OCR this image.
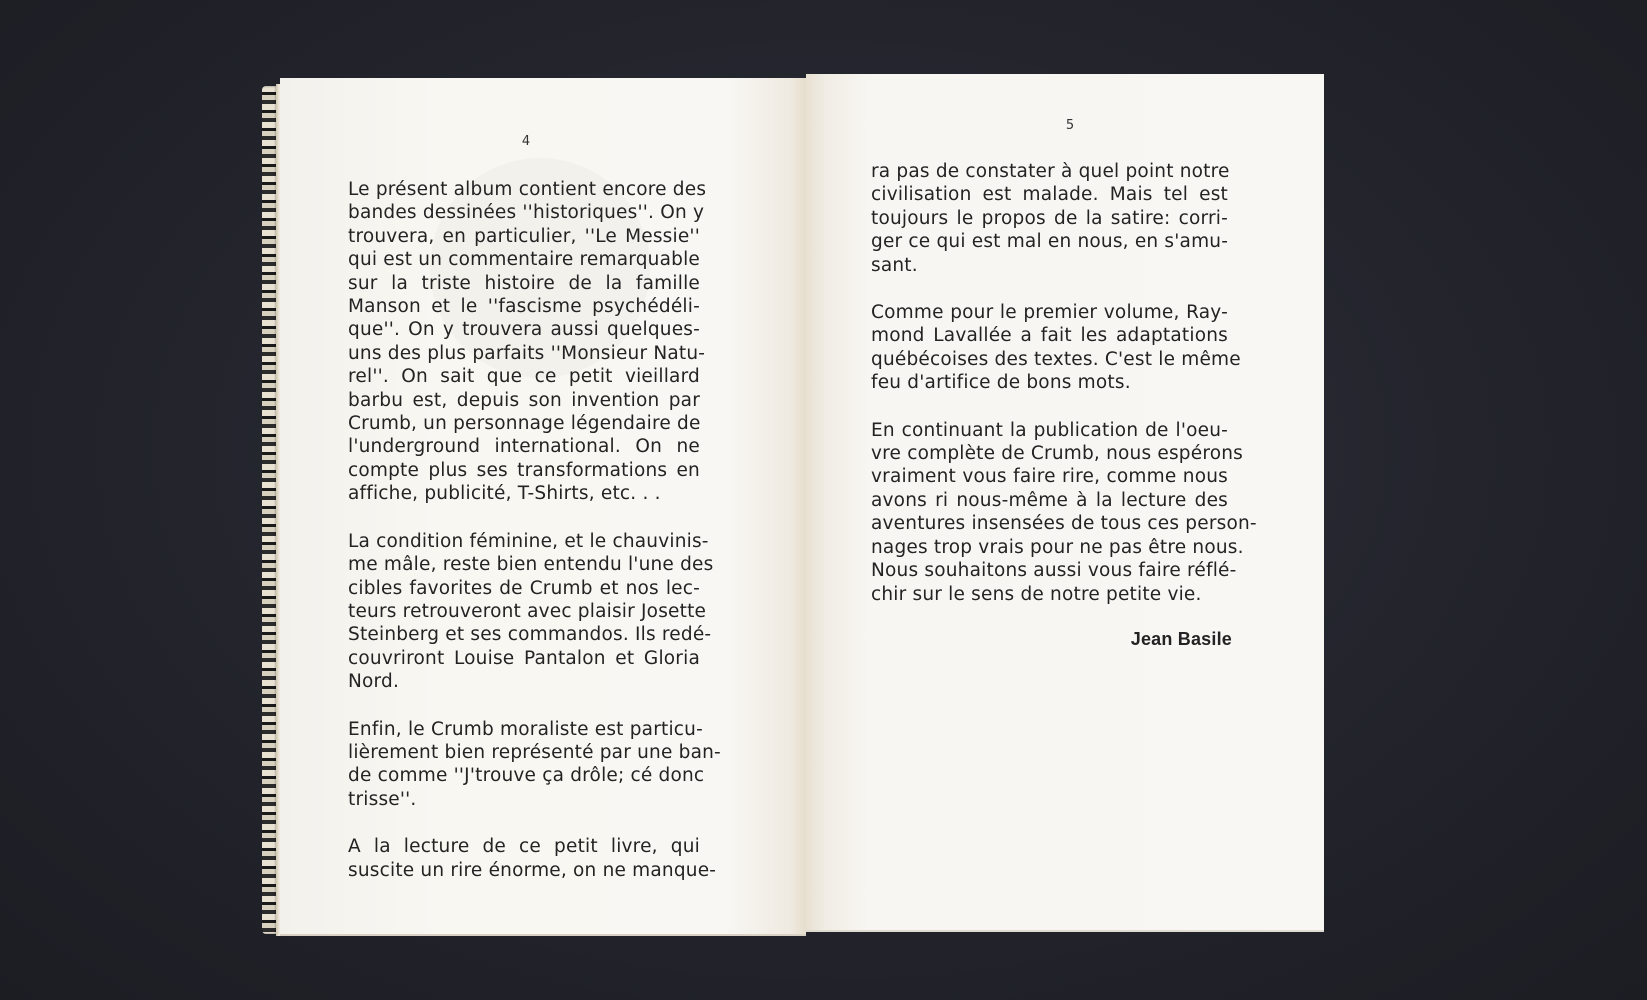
4
Le présent album contient encore des
bandes dessinées ''historiques''. On y
trouvera, en particulier, ''Le Messie''
qui est un commentaire remarquable
sur la triste histoire de la famille
Manson et le ''fascisme psychédéli-
que''. On y trouvera aussi quelques-
uns des plus parfaits ''Monsieur Natu-
rel''. On sait que ce petit vieillard
barbu est, depuis son invention par
Crumb, un personnage légendaire de
l'underground international. On ne
compte plus ses transformations en
affiche, publicité, T-Shirts, etc. . .
La condition féminine, et le chauvinis-
me mâle, reste bien entendu l'une des
cibles favorites de Crumb et nos lec-
teurs retrouveront avec plaisir Josette
Steinberg et ses commandos. Ils redé-
couvriront Louise Pantalon et Gloria
Nord.
Enfin, le Crumb moraliste est particu-
lièrement bien représenté par une ban-
de comme ''J'trouve ça drôle; cé donc
trisse''.
A la lecture de ce petit livre, qui
suscite un rire énorme, on ne manque-
5
ra pas de constater à quel point notre
civilisation est malade. Mais tel est
toujours le propos de la satire: corri-
ger ce qui est mal en nous, en s'amu-
sant.
Comme pour le premier volume, Ray-
mond Lavallée a fait les adaptations
québécoises des textes. C'est le même
feu d'artifice de bons mots.
En continuant la publication de l'oeu-
vre complète de Crumb, nous espérons
vraiment vous faire rire, comme nous
avons ri nous-même à la lecture des
aventures insensées de tous ces person-
nages trop vrais pour ne pas être nous.
Nous souhaitons aussi vous faire réflé-
chir sur le sens de notre petite vie.
Jean Basile
